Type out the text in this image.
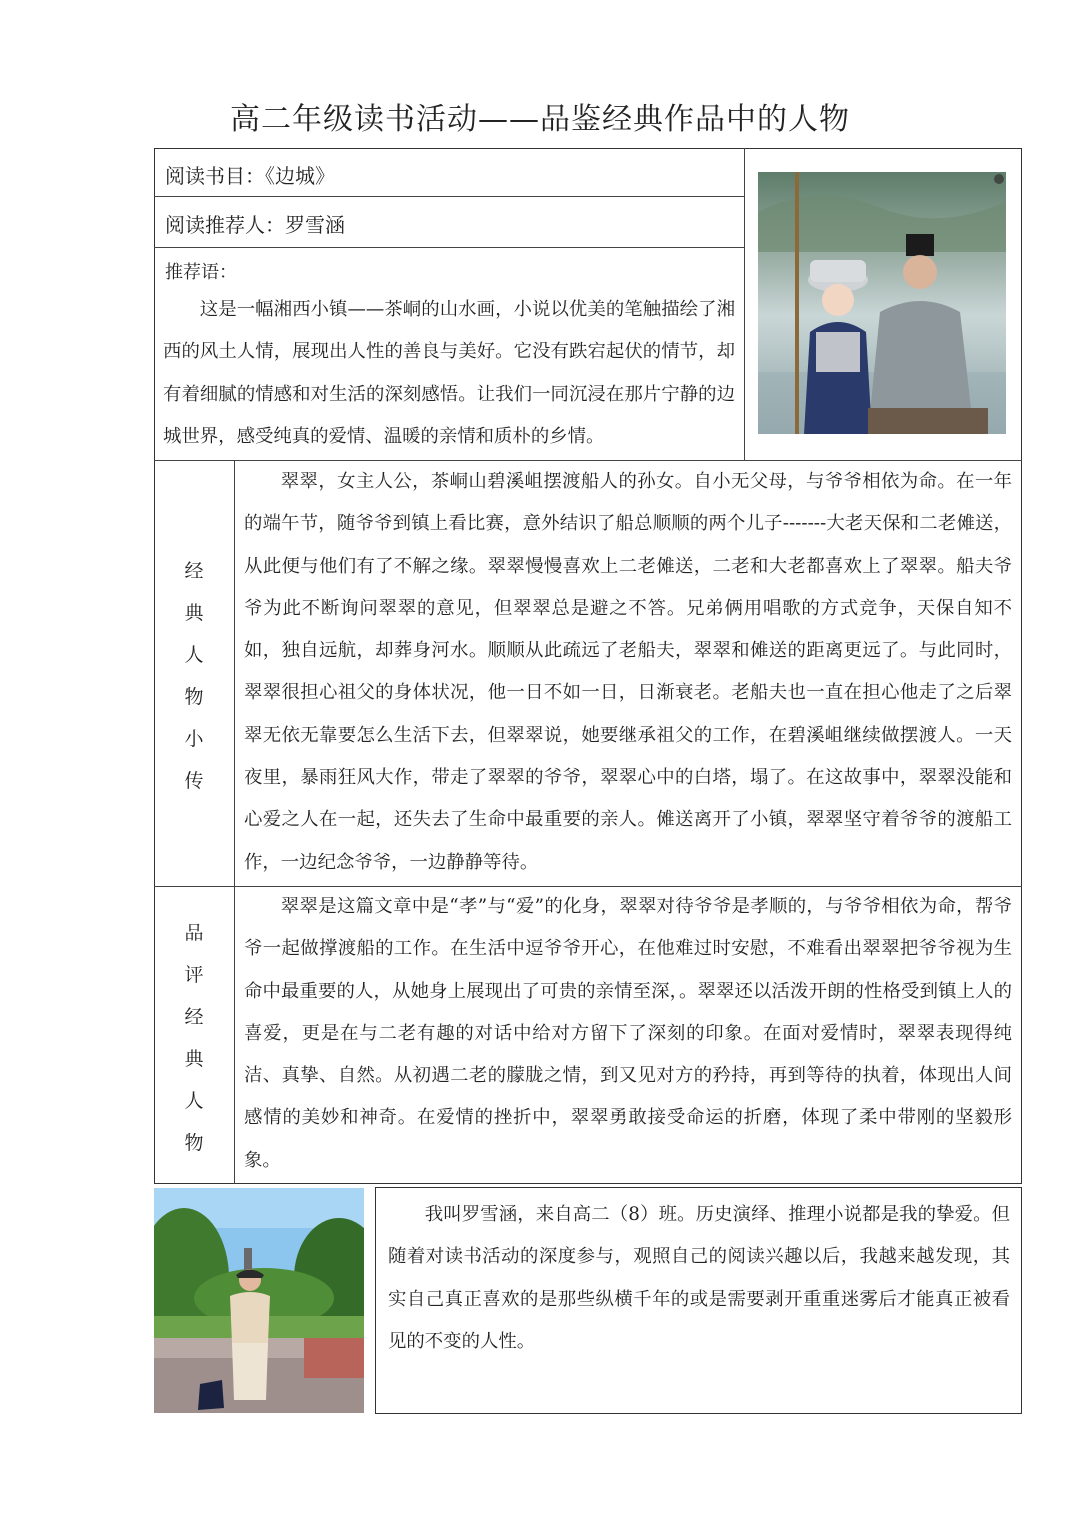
高二年级读书活动——品鉴经典作品中的人物
阅读书目：《边城》
阅读推荐人：罗雪涵
推荐语：

这是一幅湘西小镇——茶峒的山水画，小说以优美的笔触描绘了湘西的风土人情，展现出人性的善良与美好。它没有跌宕起伏的情节，却有着细腻的情感和对生活的深刻感悟。让我们一同沉浸在那片宁静的边城世界，感受纯真的爱情、温暖的亲情和质朴的乡情。

经
典
人
物
小
传

翠翠，女主人公，茶峒山碧溪岨摆渡船人的孙女。自小无父母，与爷爷相依为命。在一年的端午节，随爷爷到镇上看比赛，意外结识了船总顺顺的两个儿子-------大老天保和二老傩送，从此便与他们有了不解之缘。翠翠慢慢喜欢上二老傩送，二老和大老都喜欢上了翠翠。船夫爷爷为此不断询问翠翠的意见，但翠翠总是避之不答。兄弟俩用唱歌的方式竞争，天保自知不如，独自远航，却葬身河水。顺顺从此疏远了老船夫，翠翠和傩送的距离更远了。与此同时，翠翠很担心祖父的身体状况，他一日不如一日，日渐衰老。老船夫也一直在担心他走了之后翠翠无依无靠要怎么生活下去，但翠翠说，她要继承祖父的工作，在碧溪岨继续做摆渡人。一天夜里，暴雨狂风大作，带走了翠翠的爷爷，翠翠心中的白塔，塌了。在这故事中，翠翠没能和心爱之人在一起，还失去了生命中最重要的亲人。傩送离开了小镇，翠翠坚守着爷爷的渡船工作，一边纪念爷爷，一边静静等待。

品
评
经
典
人
物

翠翠是这篇文章中是“孝”与“爱”的化身，翠翠对待爷爷是孝顺的，与爷爷相依为命，帮爷爷一起做撑渡船的工作。在生活中逗爷爷开心，在他难过时安慰，不难看出翠翠把爷爷视为生命中最重要的人，从她身上展现出了可贵的亲情至深，。翠翠还以活泼开朗的性格受到镇上人的喜爱，更是在与二老有趣的对话中给对方留下了深刻的印象。在面对爱情时，翠翠表现得纯洁、真挚、自然。从初遇二老的朦胧之情，到又见对方的矜持，再到等待的执着，体现出人间感情的美妙和神奇。在爱情的挫折中，翠翠勇敢接受命运的折磨，体现了柔中带刚的坚毅形象。

我叫罗雪涵，来自高二（8）班。历史演绎、推理小说都是我的挚爱。但随着对读书活动的深度参与，观照自己的阅读兴趣以后，我越来越发现，其实自己真正喜欢的是那些纵横千年的或是需要剥开重重迷雾后才能真正被看见的不变的人性。
